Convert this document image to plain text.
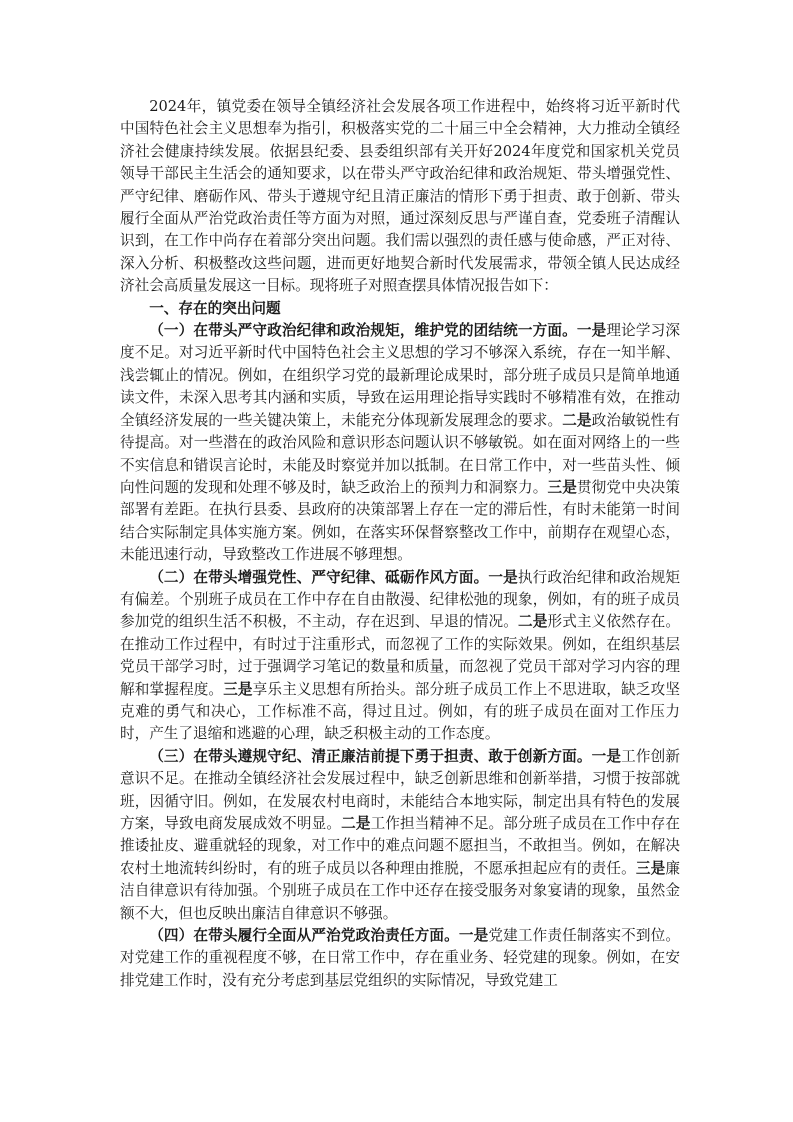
2024年，镇党委在领导全镇经济社会发展各项工作进程中，始终将习近平新时代中国特色社会主义思想奉为指引，积极落实党的二十届三中全会精神，大力推动全镇经济社会健康持续发展。依据县纪委、县委组织部有关开好2024年度党和国家机关党员领导干部民主生活会的通知要求，以在带头严守政治纪律和政治规矩、带头增强党性、严守纪律、磨砺作风、带头于遵规守纪且清正廉洁的情形下勇于担责、敢于创新、带头履行全面从严治党政治责任等方面为对照，通过深刻反思与严谨自查，党委班子清醒认识到，在工作中尚存在着部分突出问题。我们需以强烈的责任感与使命感，严正对待、深入分析、积极整改这些问题，进而更好地契合新时代发展需求，带领全镇人民达成经济社会高质量发展这一目标。现将班子对照查摆具体情况报告如下：

一、存在的突出问题

（一）在带头严守政治纪律和政治规矩，维护党的团结统一方面。一是理论学习深度不足。对习近平新时代中国特色社会主义思想的学习不够深入系统，存在一知半解、浅尝辄止的情况。例如，在组织学习党的最新理论成果时，部分班子成员只是简单地通读文件，未深入思考其内涵和实质，导致在运用理论指导实践时不够精准有效，在推动全镇经济发展的一些关键决策上，未能充分体现新发展理念的要求。二是政治敏锐性有待提高。对一些潜在的政治风险和意识形态问题认识不够敏锐。如在面对网络上的一些不实信息和错误言论时，未能及时察觉并加以抵制。在日常工作中，对一些苗头性、倾向性问题的发现和处理不够及时，缺乏政治上的预判力和洞察力。三是贯彻党中央决策部署有差距。在执行县委、县政府的决策部署上存在一定的滞后性，有时未能第一时间结合实际制定具体实施方案。例如，在落实环保督察整改工作中，前期存在观望心态，未能迅速行动，导致整改工作进展不够理想。

（二）在带头增强党性、严守纪律、砥砺作风方面。一是执行政治纪律和政治规矩有偏差。个别班子成员在工作中存在自由散漫、纪律松弛的现象，例如，有的班子成员参加党的组织生活不积极，不主动，存在迟到、早退的情况。二是形式主义依然存在。在推动工作过程中，有时过于注重形式，而忽视了工作的实际效果。例如，在组织基层党员干部学习时，过于强调学习笔记的数量和质量，而忽视了党员干部对学习内容的理解和掌握程度。三是享乐主义思想有所抬头。部分班子成员工作上不思进取，缺乏攻坚克难的勇气和决心，工作标准不高，得过且过。例如，有的班子成员在面对工作压力时，产生了退缩和逃避的心理，缺乏积极主动的工作态度。

（三）在带头遵规守纪、清正廉洁前提下勇于担责、敢于创新方面。一是工作创新意识不足。在推动全镇经济社会发展过程中，缺乏创新思维和创新举措，习惯于按部就班，因循守旧。例如，在发展农村电商时，未能结合本地实际，制定出具有特色的发展方案，导致电商发展成效不明显。二是工作担当精神不足。部分班子成员在工作中存在推诿扯皮、避重就轻的现象，对工作中的难点问题不愿担当，不敢担当。例如，在解决农村土地流转纠纷时，有的班子成员以各种理由推脱，不愿承担起应有的责任。三是廉洁自律意识有待加强。个别班子成员在工作中还存在接受服务对象宴请的现象，虽然金额不大，但也反映出廉洁自律意识不够强。

（四）在带头履行全面从严治党政治责任方面。一是党建工作责任制落实不到位。对党建工作的重视程度不够，在日常工作中，存在重业务、轻党建的现象。例如，在安排党建工作时，没有充分考虑到基层党组织的实际情况，导致党建工
